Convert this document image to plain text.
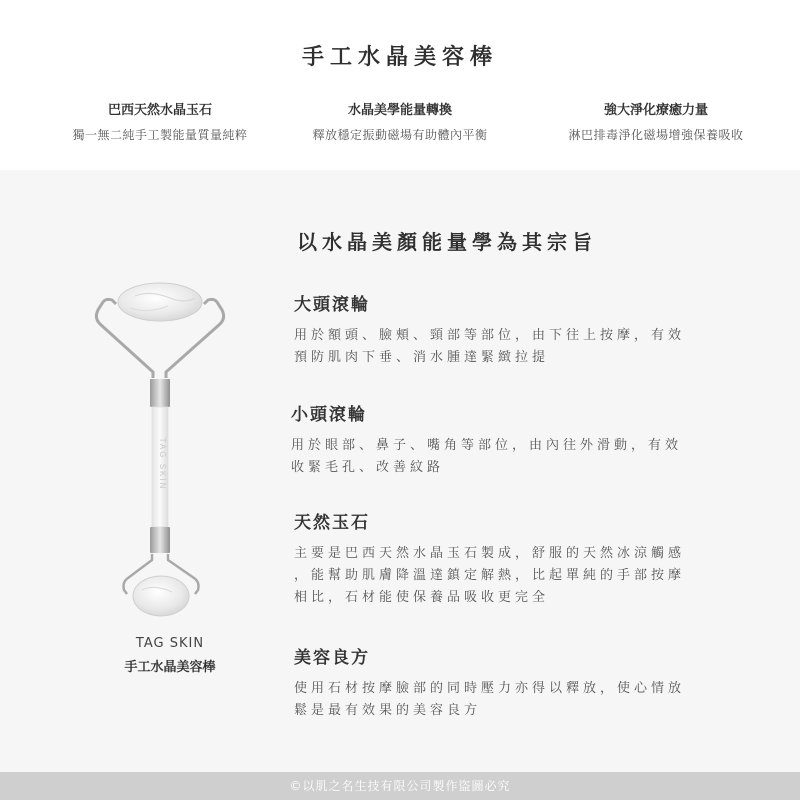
手工水晶美容棒
巴西天然水晶玉石
獨一無二純手工製能量質量純粹
水晶美學能量轉換
釋放穩定振動磁場有助體內平衡
強大淨化療癒力量
淋巴排毒淨化磁場增強保養吸收
TAG SKIN
TAG SKIN
手工水晶美容棒
以水晶美顏能量學為其宗旨
大頭滾輪
用於額頭、臉頰、頸部等部位，由下往上按摩，有效
預防肌肉下垂、消水腫達緊緻拉提
小頭滾輪
用於眼部、鼻子、嘴角等部位，由內往外滑動，有效
收緊毛孔、改善紋路
天然玉石
主要是巴西天然水晶玉石製成，舒服的天然冰涼觸感
，能幫助肌膚降溫達鎮定解熱，比起單純的手部按摩
相比，石材能使保養品吸收更完全
美容良方
使用石材按摩臉部的同時壓力亦得以釋放，使心情放
鬆是最有效果的美容良方
©以肌之名生技有限公司製作盜圖必究
